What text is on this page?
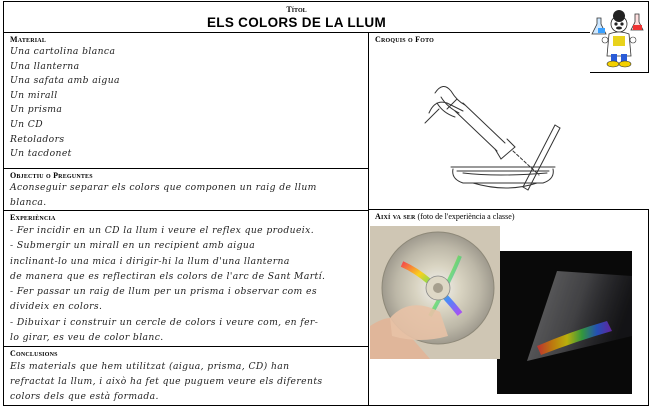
Títol
ELS COLORS DE LA LLUM
Material
Una cartolina blanca
Una llanterna
Una safata amb aigua
Un mirall
Un prisma
Un CD
Retoladors
Un tacdonet
Croquis o Foto
Objectiu o Preguntes
Aconseguir separar els colors que componen un raig de llum
blanca.
Experiència
- Fer incidir en un CD la llum i veure el reflex que produeix.
- Submergir un mirall en un recipient amb aigua
inclinant-lo una mica i dirigir-hi la llum d'una llanterna
de manera que es reflectiran els colors de l'arc de Sant Martí.
- Fer passar un raig de llum per un prisma i observar com es
divideix en colors.
- Dibuixar i construir un cercle de colors i veure com, en fer-
lo girar, es veu de color blanc.
Així va ser (foto de l'experiència a classe)
Conclusions
Els materials que hem utilitzat (aigua, prisma, CD) han
refractat la llum, i això ha fet que puguem veure els diferents
colors dels que està formada.
